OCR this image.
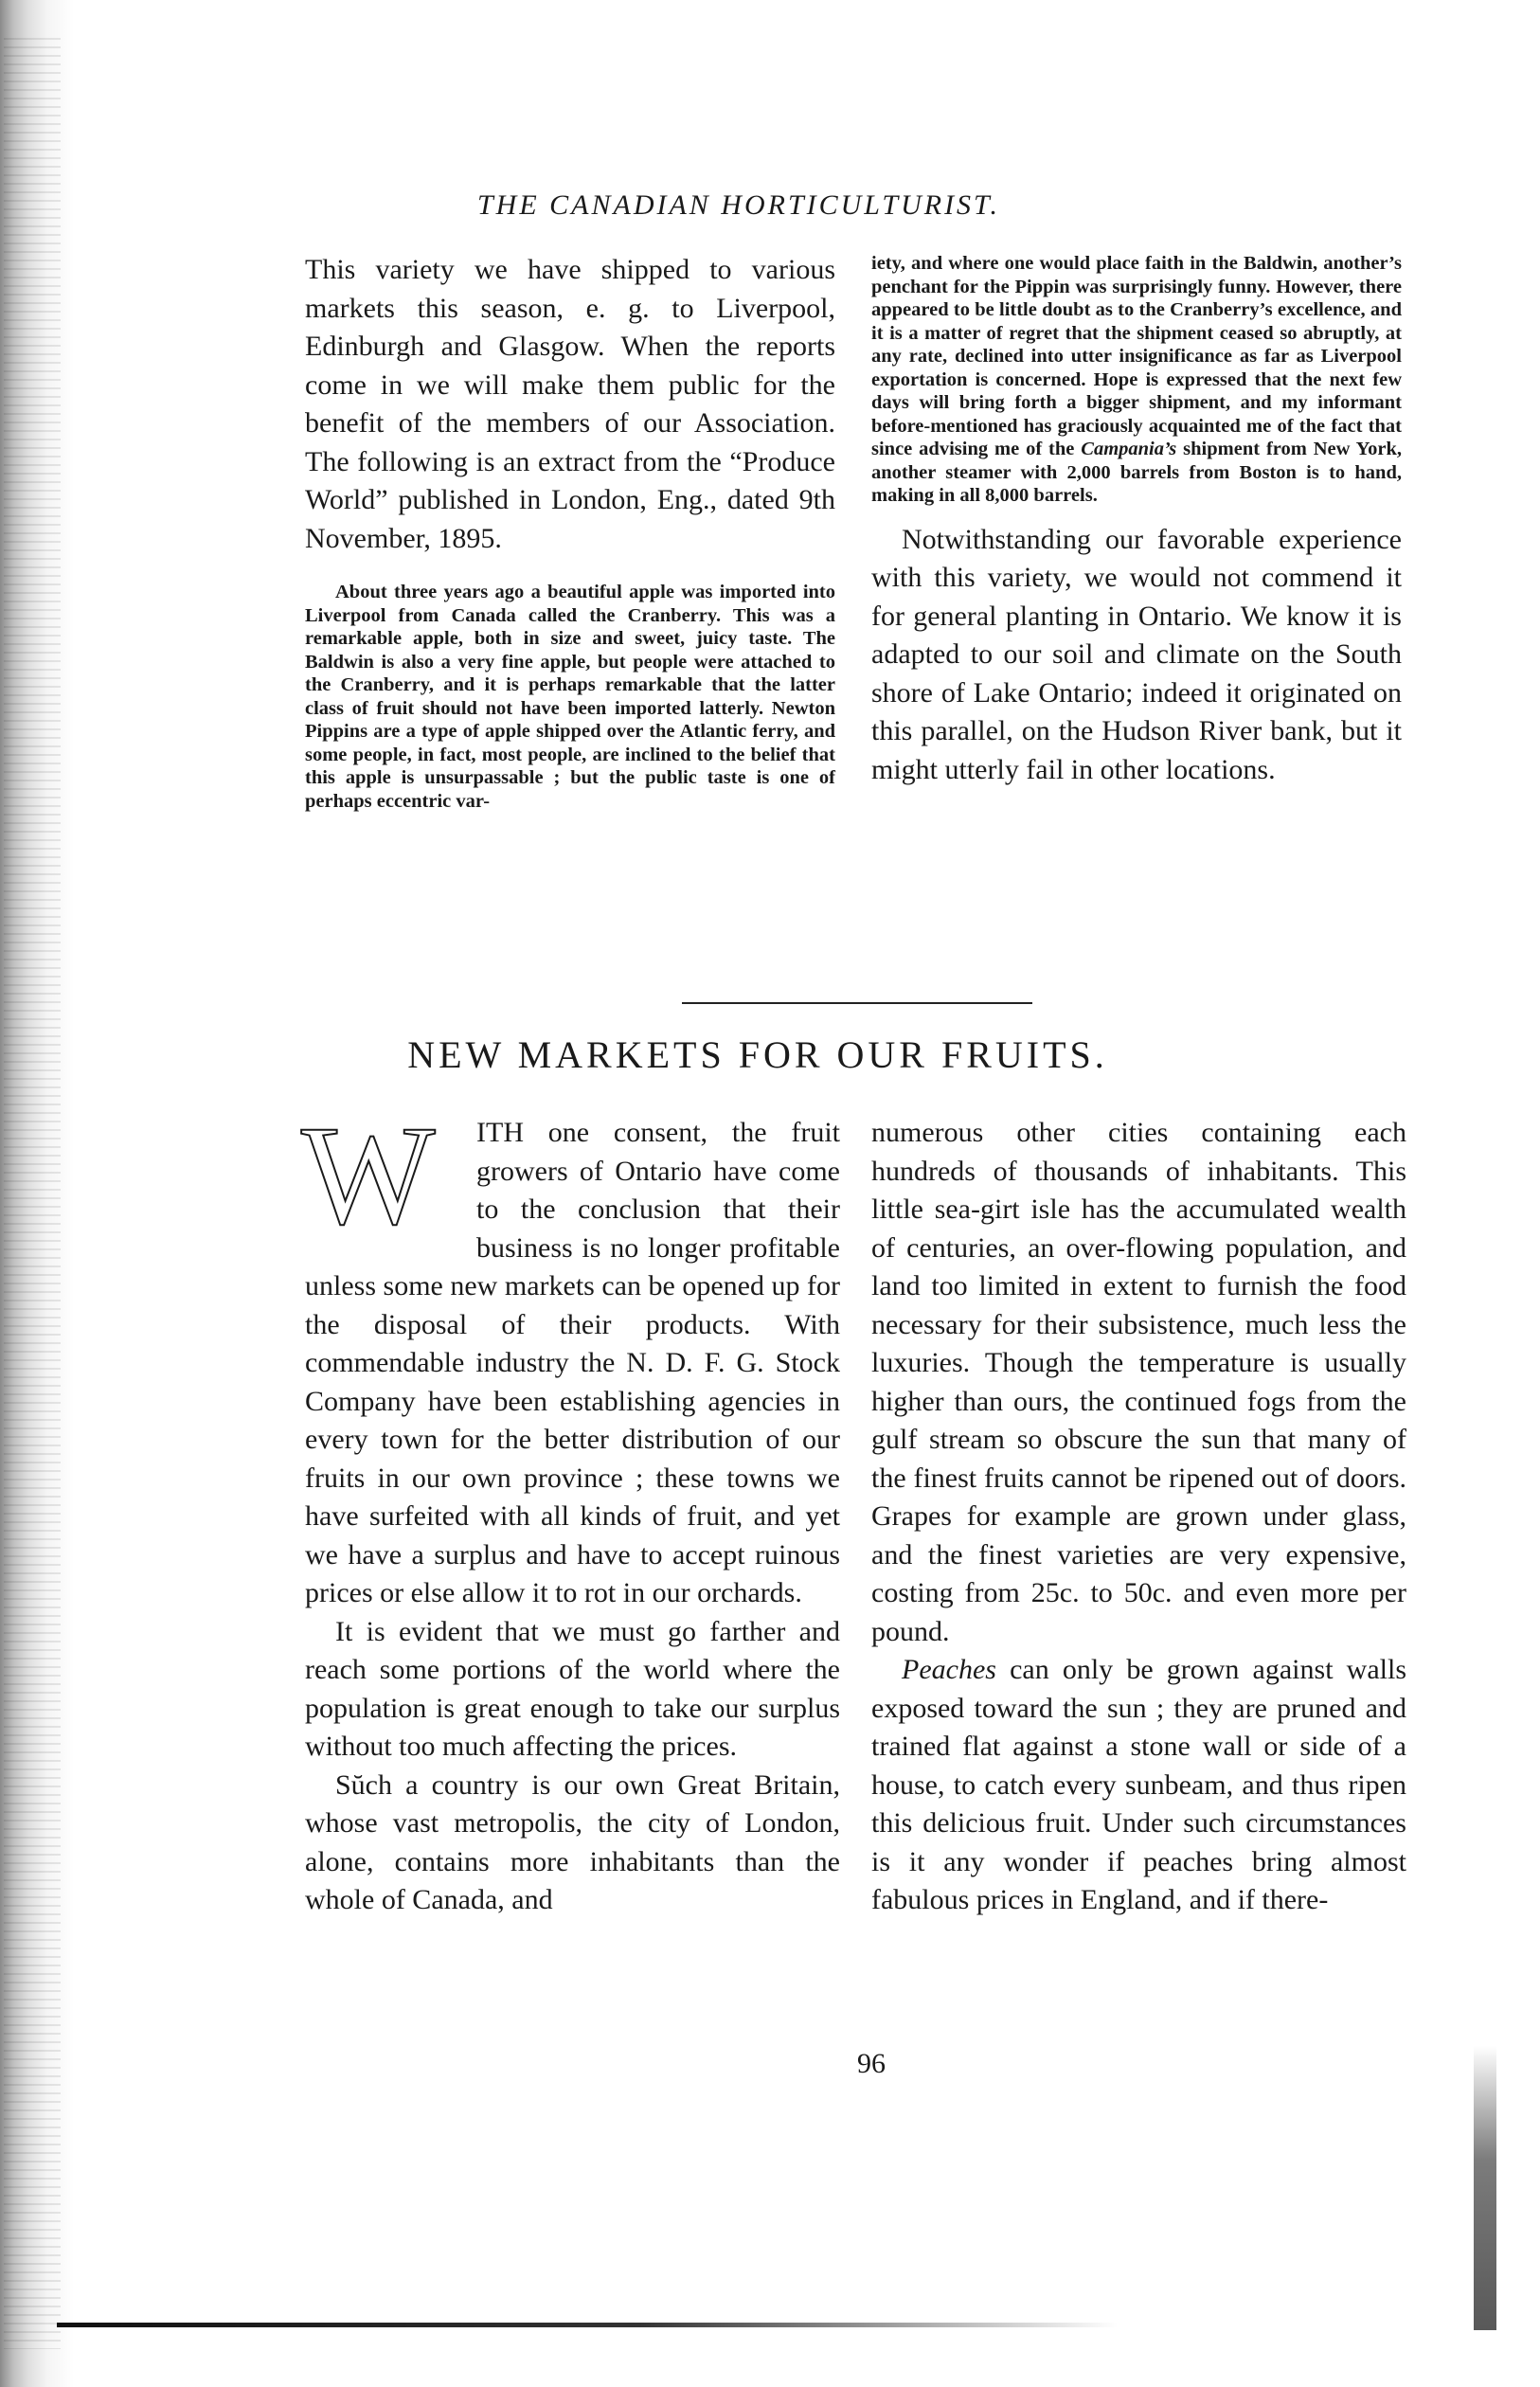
THE CANADIAN HORTICULTURIST.

This variety we have shipped to various markets this season, e. g. to Liverpool, Edinburgh and Glasgow. When the reports come in we will make them public for the benefit of the members of our Association. The following is an extract from the “Produce World” published in London, Eng., dated 9th November, 1895.

About three years ago a beautiful apple was imported into Liverpool from Canada called the Cranberry. This was a remarkable apple, both in size and sweet, juicy taste. The Baldwin is also a very fine apple, but people were attached to the Cranberry, and it is perhaps remarkable that the latter class of fruit should not have been imported latterly. Newton Pippins are a type of apple shipped over the Atlantic ferry, and some people, in fact, most people, are inclined to the belief that this apple is unsurpassable ; but the public taste is one of perhaps eccentric var-

iety, and where one would place faith in the Baldwin, another’s penchant for the Pippin was surprisingly funny. However, there appeared to be little doubt as to the Cranberry’s excellence, and it is a matter of regret that the shipment ceased so abruptly, at any rate, declined into utter insignificance as far as Liverpool exportation is concerned. Hope is expressed that the next few days will bring forth a bigger shipment, and my informant before-mentioned has graciously acquainted me of the fact that since advising me of the Campania’s shipment from New York, another steamer with 2,000 barrels from Boston is to hand, making in all 8,000 barrels.

Notwithstanding our favorable experience with this variety, we would not commend it for general planting in Ontario. We know it is adapted to our soil and climate on the South shore of Lake Ontario; indeed it originated on this parallel, on the Hudson River bank, but it might utterly fail in other locations.

NEW MARKETS FOR OUR FRUITS.

W	ITH one consent, the fruit growers of Ontario have come to the conclusion that their business is no longer profitable unless some new markets can be opened up for the disposal of their products. With commendable industry the N. D. F. G. Stock Company have been establishing agencies in every town for the better distribution of our fruits in our own province ; these towns we have surfeited with all kinds of fruit, and yet we have a surplus and have to accept ruinous prices or else allow it to rot in our orchards.

It is evident that we must go farther and reach some portions of the world where the population is great enough to take our surplus without too much affecting the prices.

Sŭch a country is our own Great Britain, whose vast metropolis, the city of London, alone, contains more inhabitants than the whole of Canada, and

numerous other cities containing each hundreds of thousands of inhabitants. This little sea-girt isle has the accumulated wealth of centuries, an over-flowing population, and land too limited in extent to furnish the food necessary for their subsistence, much less the luxuries. Though the temperature is usually higher than ours, the continued fogs from the gulf stream so obscure the sun that many of the finest fruits cannot be ripened out of doors. Grapes for example are grown under glass, and the finest varieties are very expensive, costing from 25c. to 50c. and even more per pound.

Peaches can only be grown against walls exposed toward the sun ; they are pruned and trained flat against a stone wall or side of a house, to catch every sunbeam, and thus ripen this delicious fruit. Under such circumstances is it any wonder if peaches bring almost fabulous prices in England, and if there-

96
